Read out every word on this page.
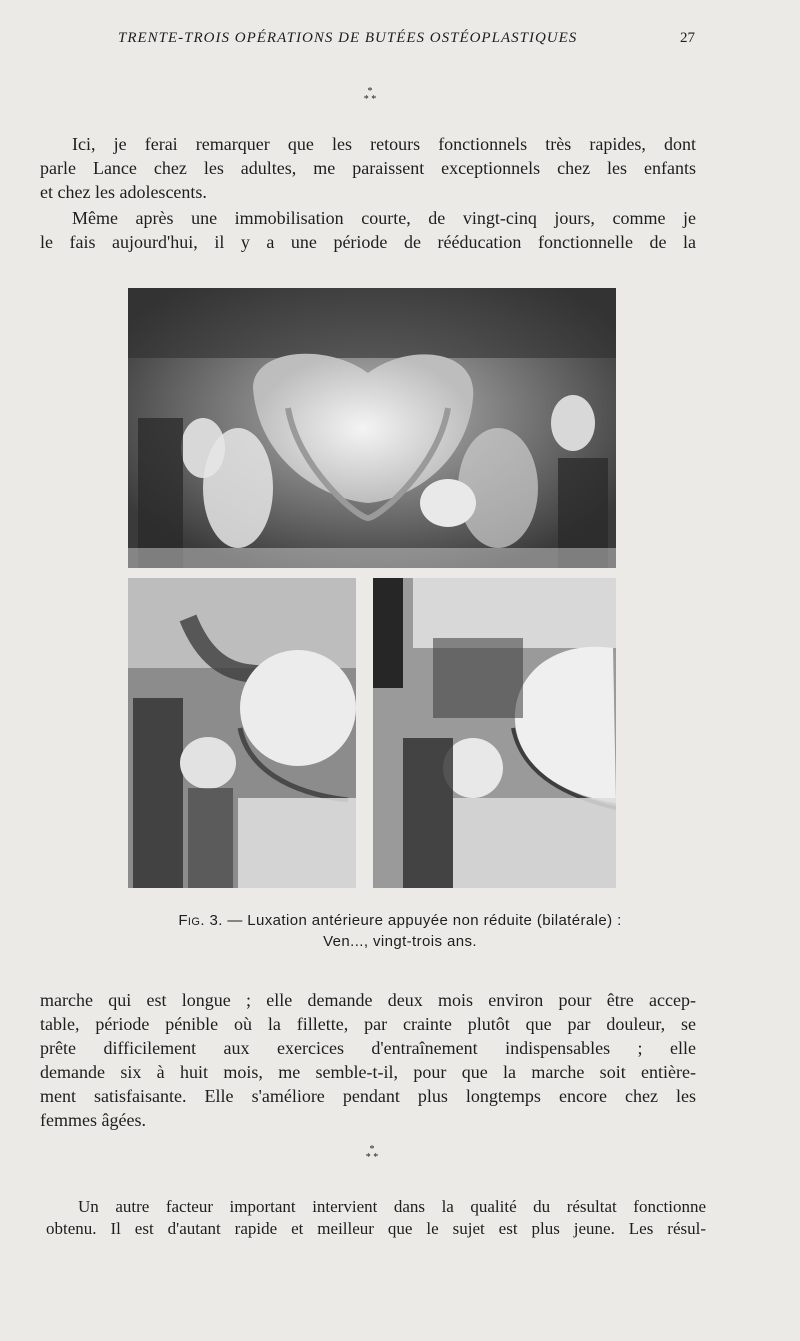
TRENTE-TROIS OPÉRATIONS DE BUTÉES OSTÉOPLASTIQUES	27
*
* *

Ici, je ferai remarquer que les retours fonctionnels très rapides, dont
parle Lance chez les adultes, me paraissent exceptionnels chez les enfants
et chez les adolescents.

Même après une immobilisation courte, de vingt-cinq jours, comme je
le fais aujourd'hui, il y a une période de rééducation fonctionnelle de la

Fig. 3. — Luxation antérieure appuyée non réduite (bilatérale) :
Ven..., vingt-trois ans.

marche qui est longue ; elle demande deux mois environ pour être accep-
table, période pénible où la fillette, par crainte plutôt que par douleur, se
prête difficilement aux exercices d'entraînement indispensables ; elle
demande six à huit mois, me semble-t-il, pour que la marche soit entière-
ment satisfaisante. Elle s'améliore pendant plus longtemps encore chez les
femmes âgées.

*
* *

Un autre facteur important intervient dans la qualité du résultat fonctionne
obtenu. Il est d'autant rapide et meilleur que le sujet est plus jeune. Les résul-
